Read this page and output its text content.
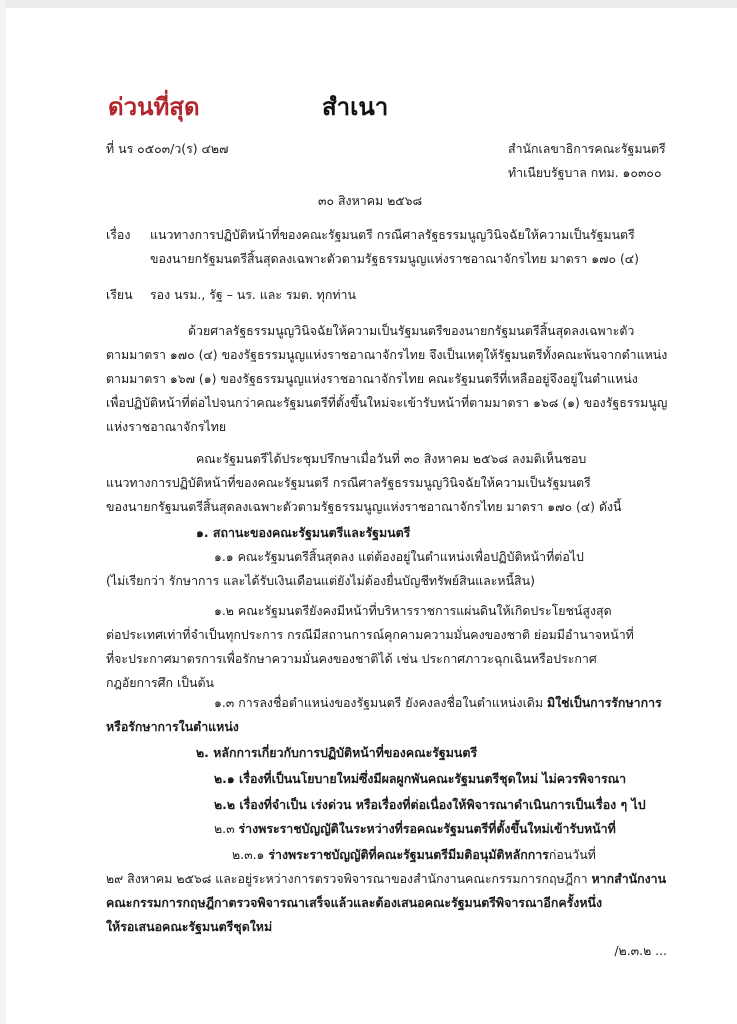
ด่วนที่สุด	สำเนา
ที่ นร ๐๕๐๓/ว(ร) ๔๒๗	สำนักเลขาธิการคณะรัฐมนตรี
ทำเนียบรัฐบาล กทม. ๑๐๓๐๐
๓๐ สิงหาคม ๒๕๖๘
เรื่อง แนวทางการปฏิบัติหน้าที่ของคณะรัฐมนตรี กรณีศาลรัฐธรรมนูญวินิจฉัยให้ความเป็นรัฐมนตรี
ของนายกรัฐมนตรีสิ้นสุดลงเฉพาะตัวตามรัฐธรรมนูญแห่งราชอาณาจักรไทย มาตรา ๑๗๐ (๔)
เรียน รอง นรม., รัฐ – นร. และ รมต. ทุกท่าน
ด้วยศาลรัฐธรรมนูญวินิจฉัยให้ความเป็นรัฐมนตรีของนายกรัฐมนตรีสิ้นสุดลงเฉพาะตัว
ตามมาตรา ๑๗๐ (๔) ของรัฐธรรมนูญแห่งราชอาณาจักรไทย จึงเป็นเหตุให้รัฐมนตรีทั้งคณะพ้นจากตำแหน่ง
ตามมาตรา ๑๖๗ (๑) ของรัฐธรรมนูญแห่งราชอาณาจักรไทย คณะรัฐมนตรีที่เหลืออยู่จึงอยู่ในตำแหน่ง
เพื่อปฏิบัติหน้าที่ต่อไปจนกว่าคณะรัฐมนตรีที่ตั้งขึ้นใหม่จะเข้ารับหน้าที่ตามมาตรา ๑๖๘ (๑) ของรัฐธรรมนูญ
แห่งราชอาณาจักรไทย
คณะรัฐมนตรีได้ประชุมปรึกษาเมื่อวันที่ ๓๐ สิงหาคม ๒๕๖๘ ลงมติเห็นชอบ
แนวทางการปฏิบัติหน้าที่ของคณะรัฐมนตรี กรณีศาลรัฐธรรมนูญวินิจฉัยให้ความเป็นรัฐมนตรี
ของนายกรัฐมนตรีสิ้นสุดลงเฉพาะตัวตามรัฐธรรมนูญแห่งราชอาณาจักรไทย มาตรา ๑๗๐ (๔) ดังนี้
๑. สถานะของคณะรัฐมนตรีและรัฐมนตรี
๑.๑ คณะรัฐมนตรีสิ้นสุดลง แต่ต้องอยู่ในตำแหน่งเพื่อปฏิบัติหน้าที่ต่อไป
(ไม่เรียกว่า รักษาการ และได้รับเงินเดือนแต่ยังไม่ต้องยื่นบัญชีทรัพย์สินและหนี้สิน)
๑.๒ คณะรัฐมนตรียังคงมีหน้าที่บริหารราชการแผ่นดินให้เกิดประโยชน์สูงสุด
ต่อประเทศเท่าที่จำเป็นทุกประการ กรณีมีสถานการณ์คุกคามความมั่นคงของชาติ ย่อมมีอำนาจหน้าที่
ที่จะประกาศมาตรการเพื่อรักษาความมั่นคงของชาติได้ เช่น ประกาศภาวะฉุกเฉินหรือประกาศ
กฎอัยการศึก เป็นต้น
๑.๓ การลงชื่อตำแหน่งของรัฐมนตรี ยังคงลงชื่อในตำแหน่งเดิม มิใช่เป็นการรักษาการ
หรือรักษาการในตำแหน่ง
๒. หลักการเกี่ยวกับการปฏิบัติหน้าที่ของคณะรัฐมนตรี
๒.๑ เรื่องที่เป็นนโยบายใหม่ซึ่งมีผลผูกพันคณะรัฐมนตรีชุดใหม่ ไม่ควรพิจารณา
๒.๒ เรื่องที่จำเป็น เร่งด่วน หรือเรื่องที่ต่อเนื่องให้พิจารณาดำเนินการเป็นเรื่อง ๆ ไป
๒.๓ ร่างพระราชบัญญัติในระหว่างที่รอคณะรัฐมนตรีที่ตั้งขึ้นใหม่เข้ารับหน้าที่
๒.๓.๑ ร่างพระราชบัญญัติที่คณะรัฐมนตรีมีมติอนุมัติหลักการก่อนวันที่
๒๙ สิงหาคม ๒๕๖๘ และอยู่ระหว่างการตรวจพิจารณาของสำนักงานคณะกรรมการกฤษฎีกา หากสำนักงาน
คณะกรรมการกฤษฎีกาตรวจพิจารณาเสร็จแล้วและต้องเสนอคณะรัฐมนตรีพิจารณาอีกครั้งหนึ่ง
ให้รอเสนอคณะรัฐมนตรีชุดใหม่
/๒.๓.๒ ...
